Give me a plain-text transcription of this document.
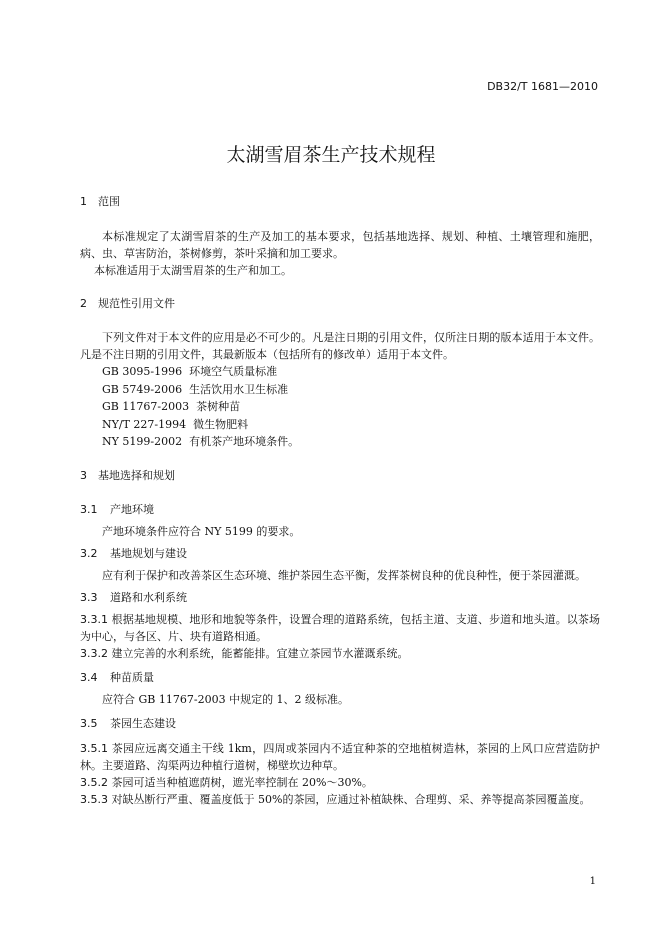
DB32/T 1681—2010
太湖雪眉茶生产技术规程
1 范围

本标准规定了太湖雪眉茶的生产及加工的基本要求，包括基地选择、规划、种植、土壤管理和施肥，病、虫、草害防治，茶树修剪，茶叶采摘和加工要求。

本标准适用于太湖雪眉茶的生产和加工。

2 规范性引用文件

下列文件对于本文件的应用是必不可少的。凡是注日期的引用文件，仅所注日期的版本适用于本文件。凡是不注日期的引用文件，其最新版本（包括所有的修改单）适用于本文件。

GB 3095-1996 环境空气质量标准
GB 5749-2006 生活饮用水卫生标准
GB 11767-2003 茶树种苗
NY/T 227-1994 微生物肥料
NY 5199-2002 有机茶产地环境条件。
3 基地选择和规划
3.1 产地环境

产地环境条件应符合 NY 5199 的要求。

3.2 基地规划与建设

应有利于保护和改善茶区生态环境、维护茶园生态平衡，发挥茶树良种的优良种性，便于茶园灌溉。

3.3 道路和水利系统

3.3.1 根据基地规模、地形和地貌等条件，设置合理的道路系统，包括主道、支道、步道和地头道。以茶场为中心，与各区、片、块有道路相通。

3.3.2 建立完善的水利系统，能蓄能排。宜建立茶园节水灌溉系统。

3.4 种苗质量

应符合 GB 11767-2003 中规定的 1、2 级标准。

3.5 茶园生态建设

3.5.1 茶园应远离交通主干线 1km，四周或茶园内不适宜种茶的空地植树造林，茶园的上风口应营造防护林。主要道路、沟渠两边种植行道树，梯壁坎边种草。

3.5.2 茶园可适当种植遮荫树，遮光率控制在 20%～30%。

3.5.3 对缺丛断行严重、覆盖度低于 50%的茶园，应通过补植缺株、合理剪、采、养等提高茶园覆盖度。

1
